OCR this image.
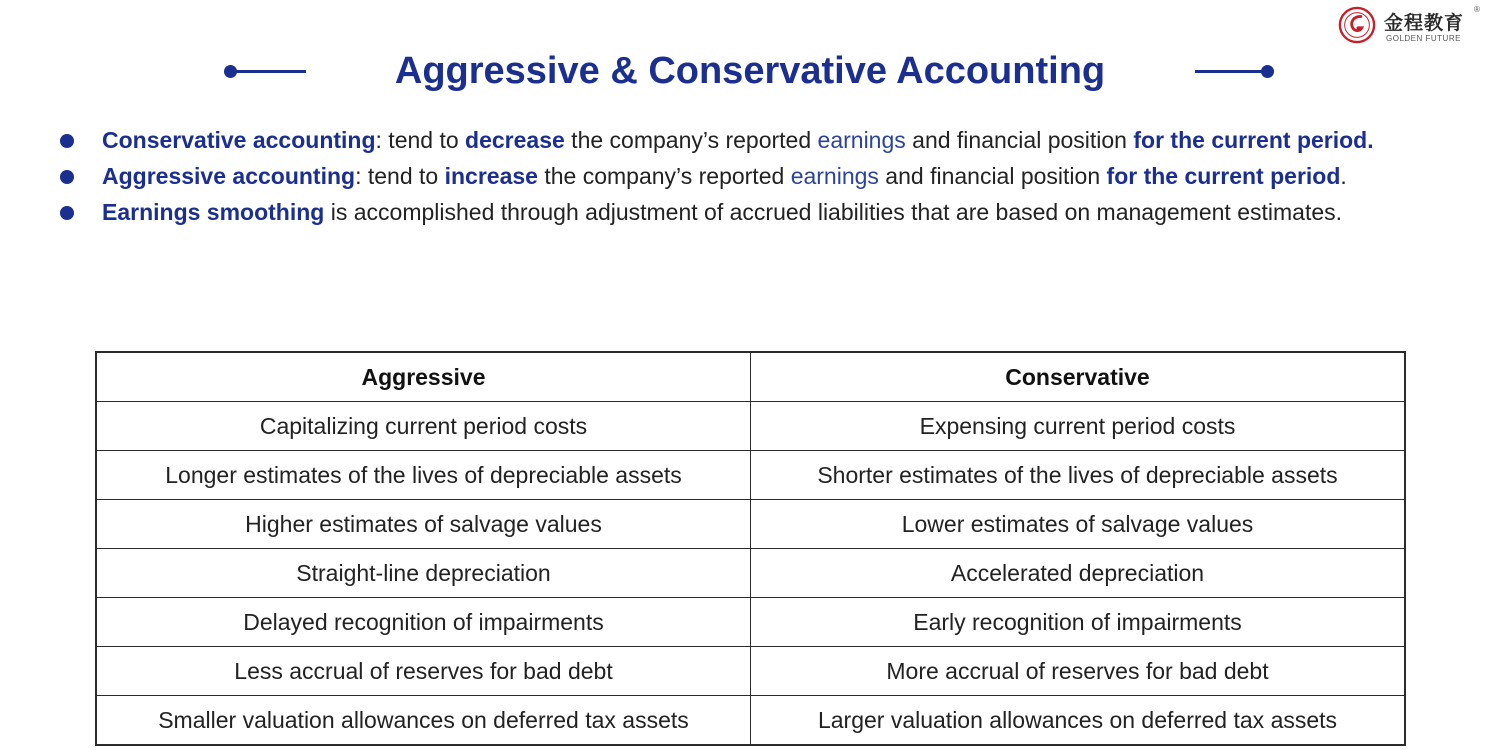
金程教育
®
GOLDEN FUTURE
Aggressive & Conservative Accounting
Conservative accounting: tend to decrease the company’s reported earnings and financial position for the current period.
Aggressive accounting: tend to increase the company’s reported earnings and financial position for the current period.
Earnings smoothing is accomplished through adjustment of accrued liabilities that are based on management estimates.
Aggressive	Conservative
Capitalizing current period costs	Expensing current period costs
Longer estimates of the lives of depreciable assets	Shorter estimates of the lives of depreciable assets
Higher estimates of salvage values	Lower estimates of salvage values
Straight-line depreciation	Accelerated depreciation
Delayed recognition of impairments	Early recognition of impairments
Less accrual of reserves for bad debt	More accrual of reserves for bad debt
Smaller valuation allowances on deferred tax assets	Larger valuation allowances on deferred tax assets
